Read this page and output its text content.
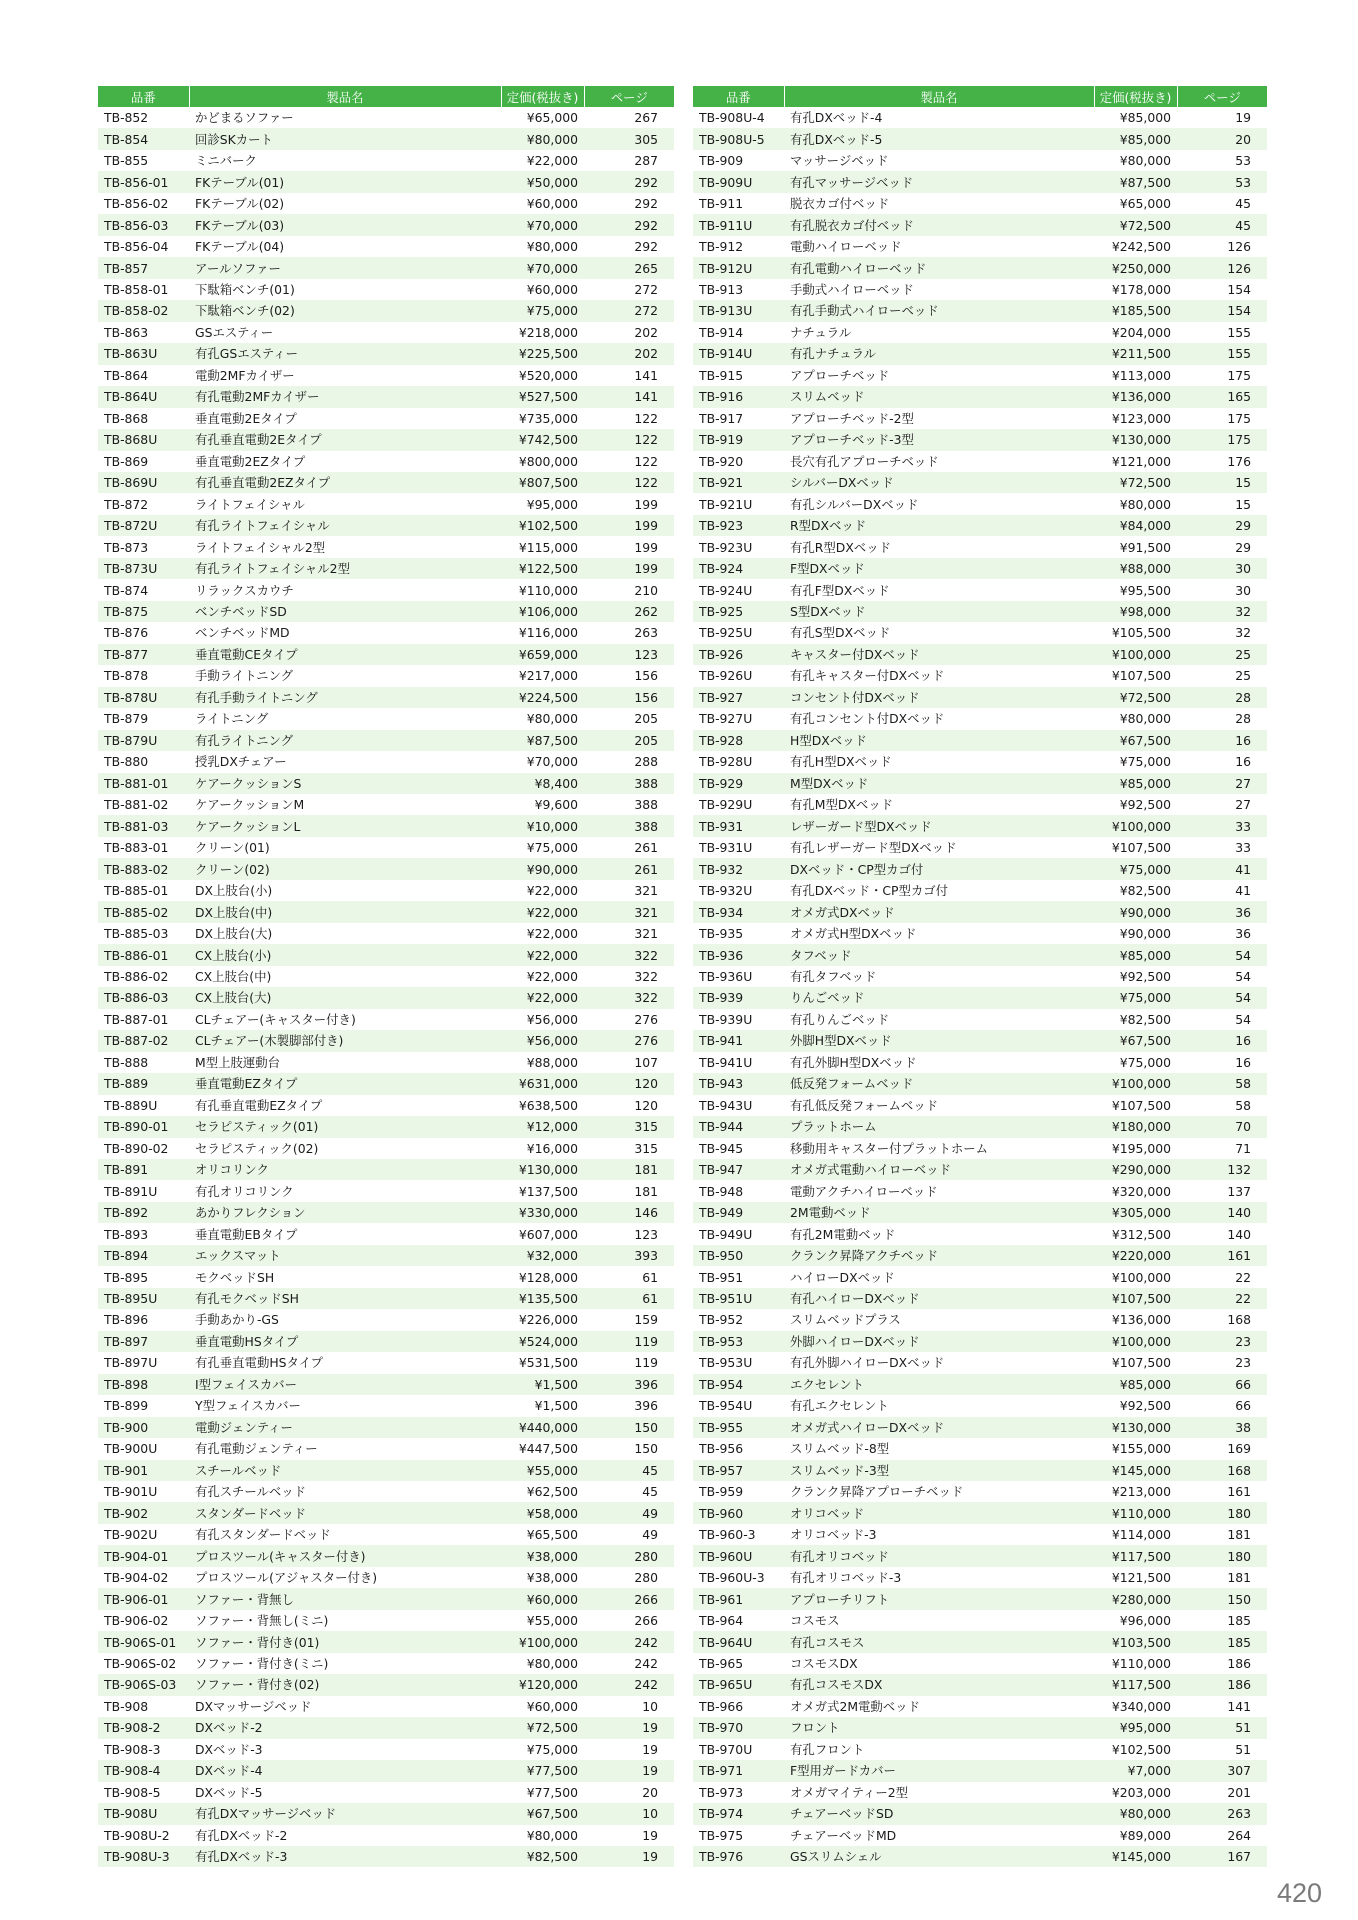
品番	製品名	定価(税抜き)	ページ
TB-852	かどまるソファー	¥65,000	267
TB-854	回診SKカート	¥80,000	305
TB-855	ミニバーク	¥22,000	287
TB-856-01	FKテーブル(01)	¥50,000	292
TB-856-02	FKテーブル(02)	¥60,000	292
TB-856-03	FKテーブル(03)	¥70,000	292
TB-856-04	FKテーブル(04)	¥80,000	292
TB-857	アールソファー	¥70,000	265
TB-858-01	下駄箱ベンチ(01)	¥60,000	272
TB-858-02	下駄箱ベンチ(02)	¥75,000	272
TB-863	GSエスティー	¥218,000	202
TB-863U	有孔GSエスティー	¥225,500	202
TB-864	電動2MFカイザー	¥520,000	141
TB-864U	有孔電動2MFカイザー	¥527,500	141
TB-868	垂直電動2Eタイプ	¥735,000	122
TB-868U	有孔垂直電動2Eタイプ	¥742,500	122
TB-869	垂直電動2EZタイプ	¥800,000	122
TB-869U	有孔垂直電動2EZタイプ	¥807,500	122
TB-872	ライトフェイシャル	¥95,000	199
TB-872U	有孔ライトフェイシャル	¥102,500	199
TB-873	ライトフェイシャル2型	¥115,000	199
TB-873U	有孔ライトフェイシャル2型	¥122,500	199
TB-874	リラックスカウチ	¥110,000	210
TB-875	ベンチベッドSD	¥106,000	262
TB-876	ベンチベッドMD	¥116,000	263
TB-877	垂直電動CEタイプ	¥659,000	123
TB-878	手動ライトニング	¥217,000	156
TB-878U	有孔手動ライトニング	¥224,500	156
TB-879	ライトニング	¥80,000	205
TB-879U	有孔ライトニング	¥87,500	205
TB-880	授乳DXチェアー	¥70,000	288
TB-881-01	ケアークッションS	¥8,400	388
TB-881-02	ケアークッションM	¥9,600	388
TB-881-03	ケアークッションL	¥10,000	388
TB-883-01	クリーン(01)	¥75,000	261
TB-883-02	クリーン(02)	¥90,000	261
TB-885-01	DX上肢台(小)	¥22,000	321
TB-885-02	DX上肢台(中)	¥22,000	321
TB-885-03	DX上肢台(大)	¥22,000	321
TB-886-01	CX上肢台(小)	¥22,000	322
TB-886-02	CX上肢台(中)	¥22,000	322
TB-886-03	CX上肢台(大)	¥22,000	322
TB-887-01	CLチェアー(キャスター付き)	¥56,000	276
TB-887-02	CLチェアー(木製脚部付き)	¥56,000	276
TB-888	M型上肢運動台	¥88,000	107
TB-889	垂直電動EZタイプ	¥631,000	120
TB-889U	有孔垂直電動EZタイプ	¥638,500	120
TB-890-01	セラピスティック(01)	¥12,000	315
TB-890-02	セラピスティック(02)	¥16,000	315
TB-891	オリコリンク	¥130,000	181
TB-891U	有孔オリコリンク	¥137,500	181
TB-892	あかりフレクション	¥330,000	146
TB-893	垂直電動EBタイプ	¥607,000	123
TB-894	エックスマット	¥32,000	393
TB-895	モクベッドSH	¥128,000	61
TB-895U	有孔モクベッドSH	¥135,500	61
TB-896	手動あかり-GS	¥226,000	159
TB-897	垂直電動HSタイプ	¥524,000	119
TB-897U	有孔垂直電動HSタイプ	¥531,500	119
TB-898	I型フェイスカバー	¥1,500	396
TB-899	Y型フェイスカバー	¥1,500	396
TB-900	電動ジェンティー	¥440,000	150
TB-900U	有孔電動ジェンティー	¥447,500	150
TB-901	スチールベッド	¥55,000	45
TB-901U	有孔スチールベッド	¥62,500	45
TB-902	スタンダードベッド	¥58,000	49
TB-902U	有孔スタンダードベッド	¥65,500	49
TB-904-01	プロスツール(キャスター付き)	¥38,000	280
TB-904-02	プロスツール(アジャスター付き)	¥38,000	280
TB-906-01	ソファー・背無し	¥60,000	266
TB-906-02	ソファー・背無し(ミニ)	¥55,000	266
TB-906S-01	ソファー・背付き(01)	¥100,000	242
TB-906S-02	ソファー・背付き(ミニ)	¥80,000	242
TB-906S-03	ソファー・背付き(02)	¥120,000	242
TB-908	DXマッサージベッド	¥60,000	10
TB-908-2	DXベッド-2	¥72,500	19
TB-908-3	DXベッド-3	¥75,000	19
TB-908-4	DXベッド-4	¥77,500	19
TB-908-5	DXベッド-5	¥77,500	20
TB-908U	有孔DXマッサージベッド	¥67,500	10
TB-908U-2	有孔DXベッド-2	¥80,000	19
TB-908U-3	有孔DXベッド-3	¥82,500	19
品番	製品名	定価(税抜き)	ページ
TB-908U-4	有孔DXベッド-4	¥85,000	19
TB-908U-5	有孔DXベッド-5	¥85,000	20
TB-909	マッサージベッド	¥80,000	53
TB-909U	有孔マッサージベッド	¥87,500	53
TB-911	脱衣カゴ付ベッド	¥65,000	45
TB-911U	有孔脱衣カゴ付ベッド	¥72,500	45
TB-912	電動ハイローベッド	¥242,500	126
TB-912U	有孔電動ハイローベッド	¥250,000	126
TB-913	手動式ハイローベッド	¥178,000	154
TB-913U	有孔手動式ハイローベッド	¥185,500	154
TB-914	ナチュラル	¥204,000	155
TB-914U	有孔ナチュラル	¥211,500	155
TB-915	アプローチベッド	¥113,000	175
TB-916	スリムベッド	¥136,000	165
TB-917	アプローチベッド-2型	¥123,000	175
TB-919	アプローチベッド-3型	¥130,000	175
TB-920	長穴有孔アプローチベッド	¥121,000	176
TB-921	シルバーDXベッド	¥72,500	15
TB-921U	有孔シルバーDXベッド	¥80,000	15
TB-923	R型DXベッド	¥84,000	29
TB-923U	有孔R型DXベッド	¥91,500	29
TB-924	F型DXベッド	¥88,000	30
TB-924U	有孔F型DXベッド	¥95,500	30
TB-925	S型DXベッド	¥98,000	32
TB-925U	有孔S型DXベッド	¥105,500	32
TB-926	キャスター付DXベッド	¥100,000	25
TB-926U	有孔キャスター付DXベッド	¥107,500	25
TB-927	コンセント付DXベッド	¥72,500	28
TB-927U	有孔コンセント付DXベッド	¥80,000	28
TB-928	H型DXベッド	¥67,500	16
TB-928U	有孔H型DXベッド	¥75,000	16
TB-929	M型DXベッド	¥85,000	27
TB-929U	有孔M型DXベッド	¥92,500	27
TB-931	レザーガード型DXベッド	¥100,000	33
TB-931U	有孔レザーガード型DXベッド	¥107,500	33
TB-932	DXベッド・CP型カゴ付	¥75,000	41
TB-932U	有孔DXベッド・CP型カゴ付	¥82,500	41
TB-934	オメガ式DXベッド	¥90,000	36
TB-935	オメガ式H型DXベッド	¥90,000	36
TB-936	タフベッド	¥85,000	54
TB-936U	有孔タフベッド	¥92,500	54
TB-939	りんごベッド	¥75,000	54
TB-939U	有孔りんごベッド	¥82,500	54
TB-941	外脚H型DXベッド	¥67,500	16
TB-941U	有孔外脚H型DXベッド	¥75,000	16
TB-943	低反発フォームベッド	¥100,000	58
TB-943U	有孔低反発フォームベッド	¥107,500	58
TB-944	プラットホーム	¥180,000	70
TB-945	移動用キャスター付プラットホーム	¥195,000	71
TB-947	オメガ式電動ハイローベッド	¥290,000	132
TB-948	電動アクチハイローベッド	¥320,000	137
TB-949	2M電動ベッド	¥305,000	140
TB-949U	有孔2M電動ベッド	¥312,500	140
TB-950	クランク昇降アクチベッド	¥220,000	161
TB-951	ハイローDXベッド	¥100,000	22
TB-951U	有孔ハイローDXベッド	¥107,500	22
TB-952	スリムベッドプラス	¥136,000	168
TB-953	外脚ハイローDXベッド	¥100,000	23
TB-953U	有孔外脚ハイローDXベッド	¥107,500	23
TB-954	エクセレント	¥85,000	66
TB-954U	有孔エクセレント	¥92,500	66
TB-955	オメガ式ハイローDXベッド	¥130,000	38
TB-956	スリムベッド-8型	¥155,000	169
TB-957	スリムベッド-3型	¥145,000	168
TB-959	クランク昇降アプローチベッド	¥213,000	161
TB-960	オリコベッド	¥110,000	180
TB-960-3	オリコベッド-3	¥114,000	181
TB-960U	有孔オリコベッド	¥117,500	180
TB-960U-3	有孔オリコベッド-3	¥121,500	181
TB-961	アプローチリフト	¥280,000	150
TB-964	コスモス	¥96,000	185
TB-964U	有孔コスモス	¥103,500	185
TB-965	コスモスDX	¥110,000	186
TB-965U	有孔コスモスDX	¥117,500	186
TB-966	オメガ式2M電動ベッド	¥340,000	141
TB-970	フロント	¥95,000	51
TB-970U	有孔フロント	¥102,500	51
TB-971	F型用ガードカバー	¥7,000	307
TB-973	オメガマイティー2型	¥203,000	201
TB-974	チェアーベッドSD	¥80,000	263
TB-975	チェアーベッドMD	¥89,000	264
TB-976	GSスリムシェル	¥145,000	167
420
